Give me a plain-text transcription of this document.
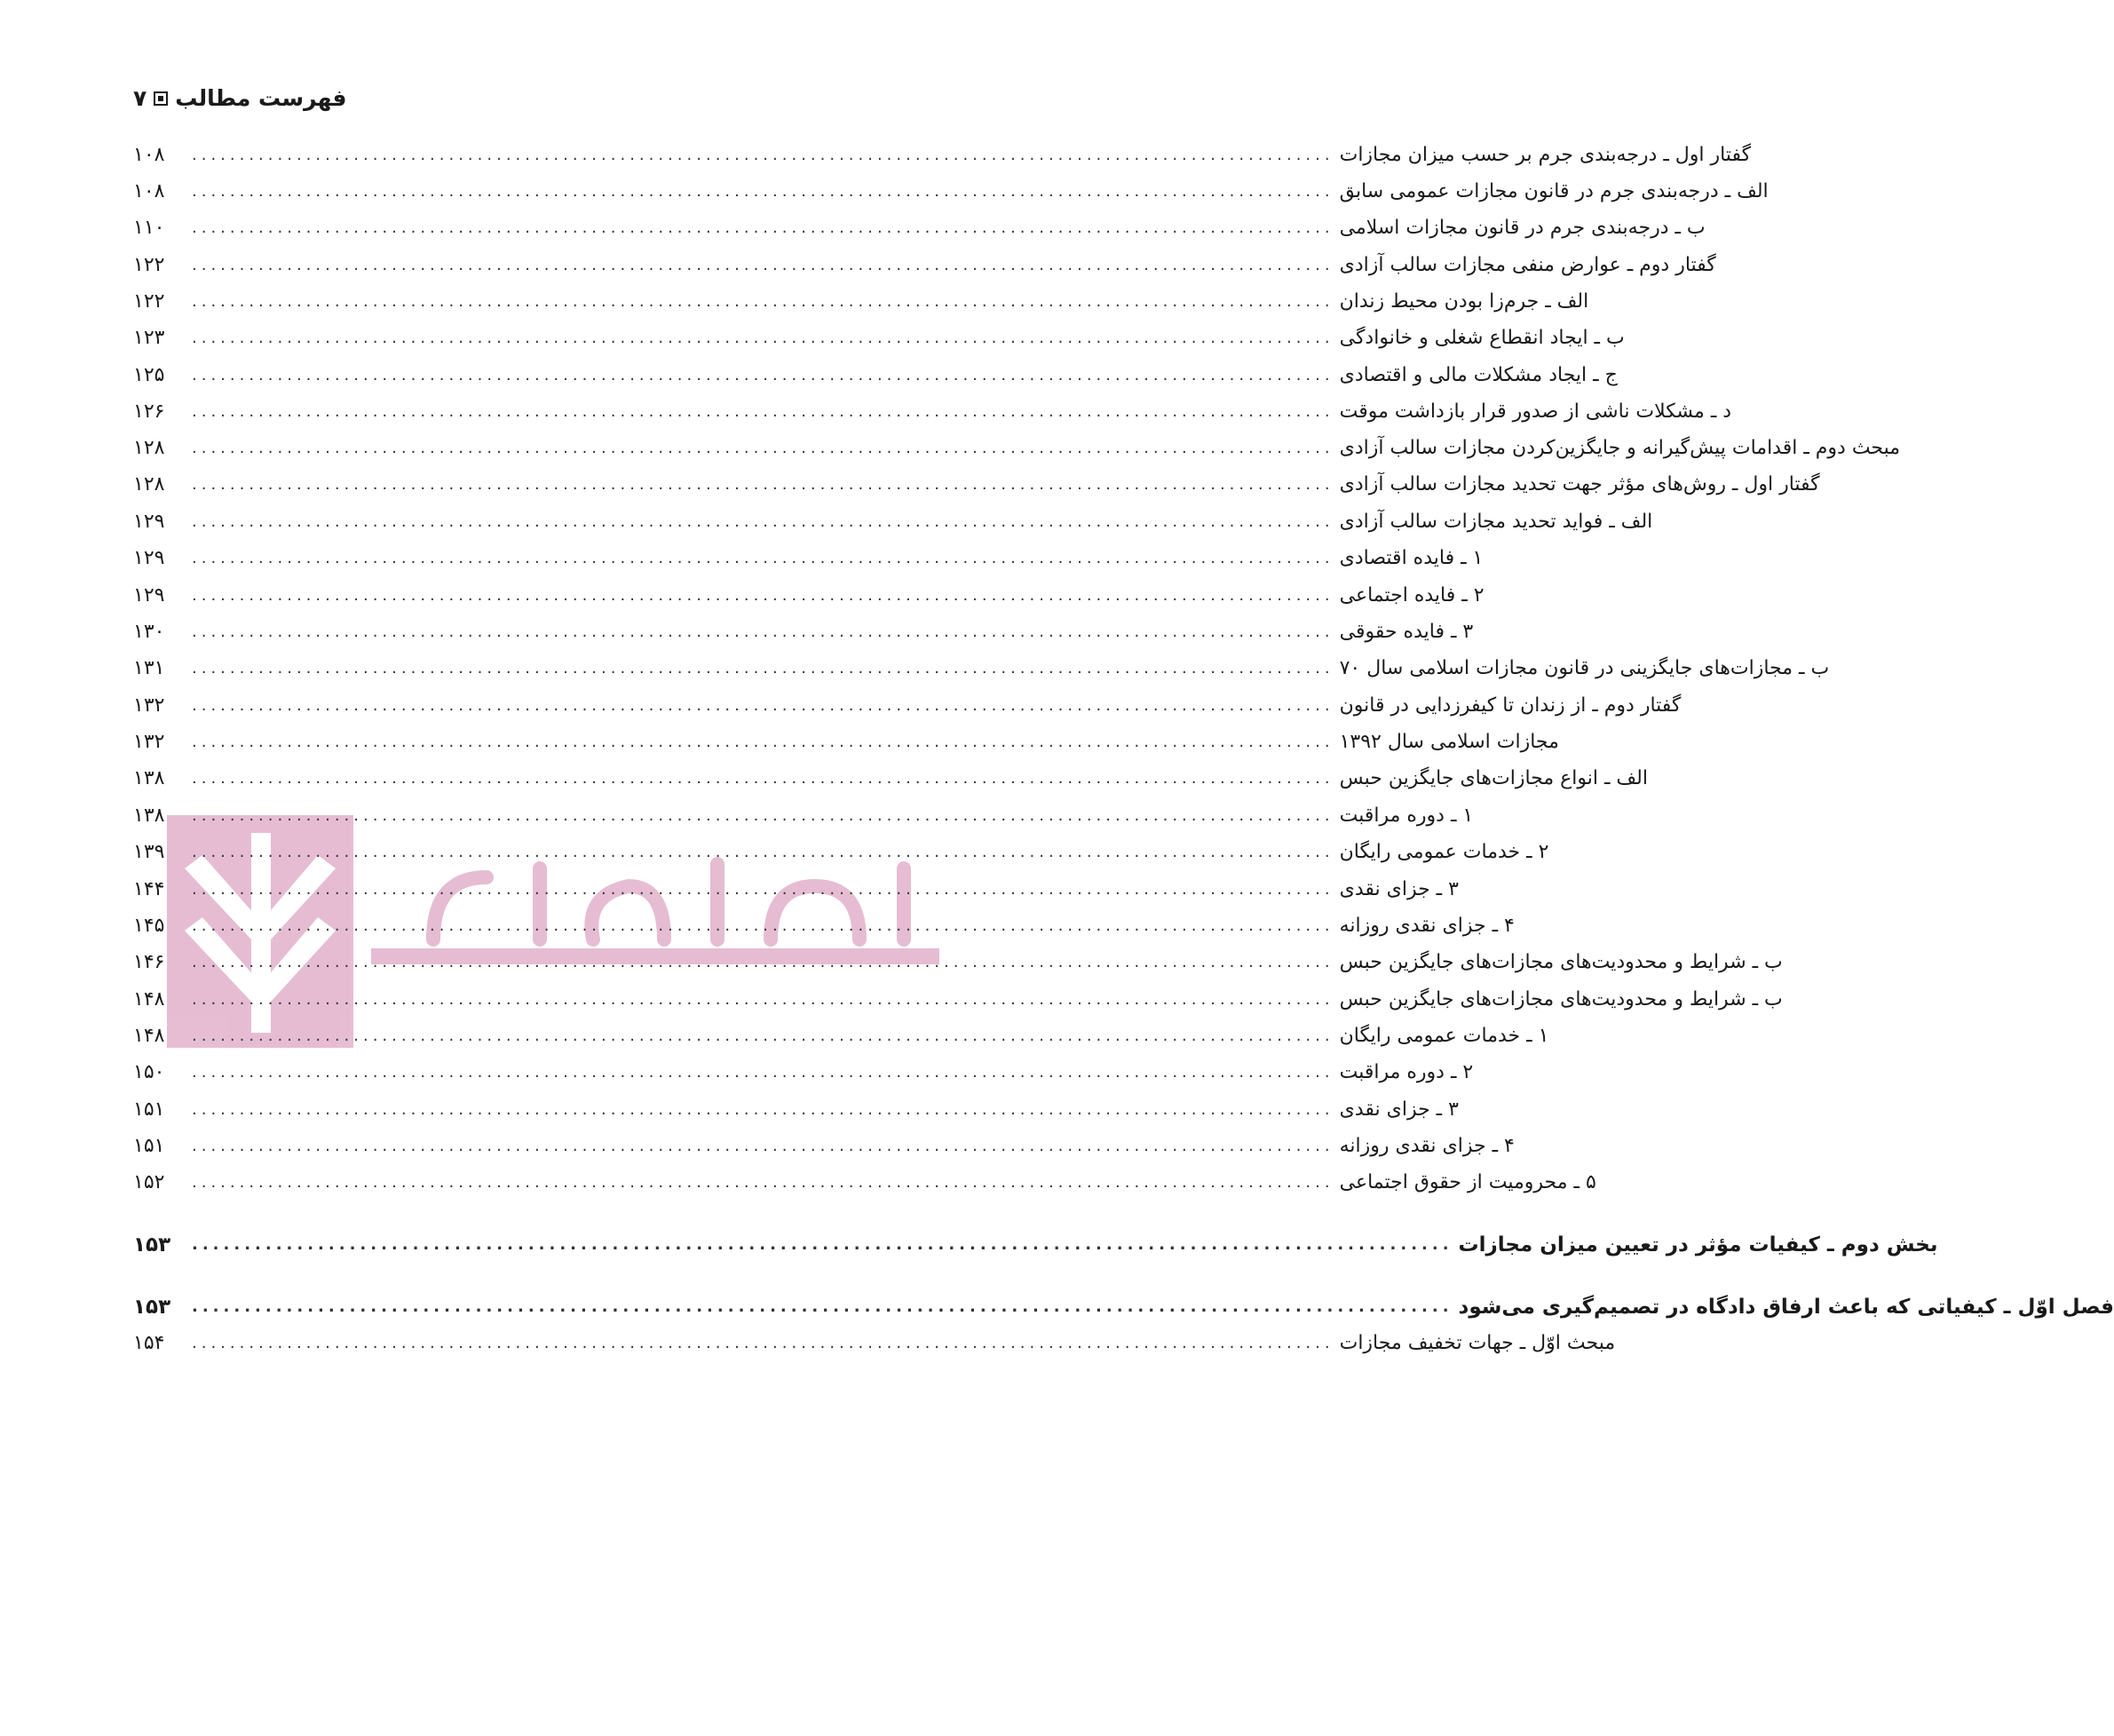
فهرست مطالب
۷
۱۰۸	........................................................................................................................ گفتار اول ـ درجه‌بندی جرم بر حسب میزان مجازات
۱۰۸	........................................................................................................................ الف ـ درجه‌بندی جرم در قانون مجازات عمومی سابق
۱۱۰	........................................................................................................................ ب ـ درجه‌بندی جرم در قانون مجازات اسلامی
۱۲۲	........................................................................................................................ گفتار دوم ـ عوارض منفی مجازات سالب آزادی
۱۲۲	........................................................................................................................ الف ـ جرم‌زا بودن محیط زندان
۱۲۳	........................................................................................................................ ب ـ ایجاد انقطاع شغلی و خانوادگی
۱۲۵	........................................................................................................................ ج ـ ایجاد مشکلات مالی و اقتصادی
۱۲۶	........................................................................................................................ د ـ مشکلات ناشی از صدور قرار بازداشت موقت
۱۲۸	........................................................................................................................ مبحث دوم ـ اقدامات پیش‌گیرانه و جایگزین‌کردن مجازات سالب آزادی
۱۲۸	........................................................................................................................ گفتار اول ـ روش‌های مؤثر جهت تحدید مجازات سالب آزادی
۱۲۹	........................................................................................................................ الف ـ فواید تحدید مجازات سالب آزادی
۱۲۹	........................................................................................................................ ۱ ـ فایده اقتصادی
۱۲۹	........................................................................................................................ ۲ ـ فایده اجتماعی
۱۳۰	........................................................................................................................ ۳ ـ فایده حقوقی
۱۳۱	........................................................................................................................ ب ـ مجازات‌های جایگزینی در قانون مجازات اسلامی سال ۷۰
۱۳۲	........................................................................................................................ گفتار دوم ـ از زندان تا کیفرزدایی در قانون
۱۳۲	........................................................................................................................ مجازات اسلامی سال ۱۳۹۲
۱۳۸	........................................................................................................................ الف ـ انواع مجازات‌های جایگزین حبس
۱۳۸	........................................................................................................................ ۱ ـ دوره مراقبت
۱۳۹	........................................................................................................................ ۲ ـ خدمات عمومی رایگان
۱۴۴	........................................................................................................................ ۳ ـ جزای نقدی
۱۴۵	........................................................................................................................ ۴ ـ جزای نقدی روزانه
۱۴۶	........................................................................................................................ ب ـ شرایط و محدودیت‌های مجازات‌های جایگزین حبس
۱۴۸	........................................................................................................................ ب ـ شرایط و محدودیت‌های مجازات‌های جایگزین حبس
۱۴۸	........................................................................................................................ ۱ ـ خدمات عمومی رایگان
۱۵۰	........................................................................................................................ ۲ ـ دوره مراقبت
۱۵۱	........................................................................................................................ ۳ ـ جزای نقدی
۱۵۱	........................................................................................................................ ۴ ـ جزای نقدی روزانه
۱۵۲	........................................................................................................................ ۵ ـ محرومیت از حقوق اجتماعی
۱۵۳	........................................................................................................................ بخش دوم ـ کیفیات مؤثر در تعیین میزان مجازات
۱۵۳	........................................................................................................................ فصل اوّل ـ کیفیاتی که باعث ارفاق دادگاه در تصمیم‌گیری می‌شود
۱۵۴	........................................................................................................................ مبحث اوّل ـ جهات تخفیف مجازات
